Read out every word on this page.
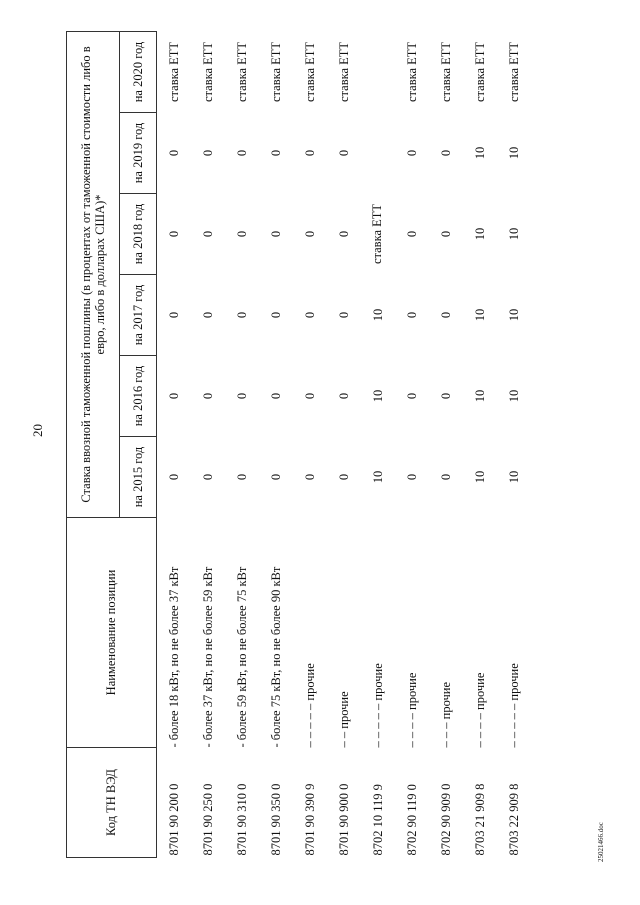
20
25021466.doc
Код ТН ВЭД	Наименование позиции	Ставка ввозной таможенной пошлины (в процентах от таможенной стоимости либо в евро, либо в долларах США)*					
		на 2015 год	на 2016 год	на 2017 год	на 2018 год	на 2019 год	на 2020 год
8701 90 200 0	- более 18 кВт, но не более 37 кВт	0	0	0	0	0	ставка ЕТТ
8701 90 250 0	- более 37 кВт, но не более 59 кВт	0	0	0	0	0	ставка ЕТТ
8701 90 310 0	- более 59 кВт, но не более 75 кВт	0	0	0	0	0	ставка ЕТТ
8701 90 350 0	- более 75 кВт, но не более 90 кВт	0	0	0	0	0	ставка ЕТТ
8701 90 390 9	– – – – – прочие	0	0	0	0	0	ставка ЕТТ
8701 90 900 0	– – прочие	0	0	0	0	0	ставка ЕТТ
8702 10 119 9	– – – – – прочие	10	10	10	ставка ЕТТ		
8702 90 119 0	– – – – прочие	0	0	0	0	0	ставка ЕТТ
8702 90 909 0	– – – прочие	0	0	0	0	0	ставка ЕТТ
8703 21 909 8	– – – – прочие	10	10	10	10	10	ставка ЕТТ
8703 22 909 8	– – – – – прочие	10	10	10	10	10	ставка ЕТТ
